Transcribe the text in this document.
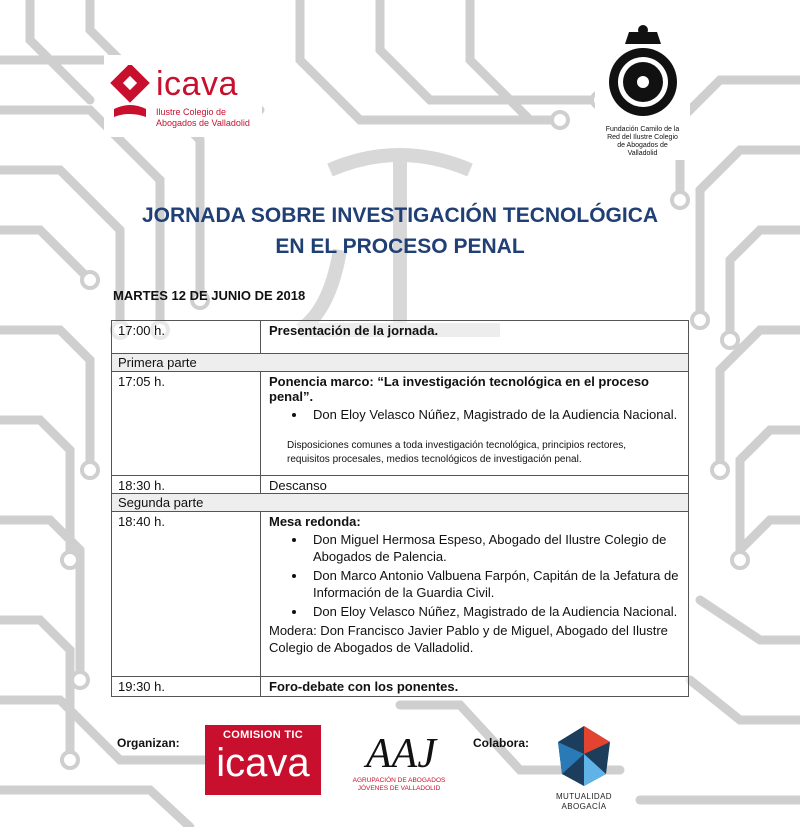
icava
Ilustre Colegio de
Abogados de Valladolid
Fundación Camilo de la
Red del Ilustre Colegio
de Abogados de
Valladolid
JORNADA SOBRE INVESTIGACIÓN TECNOLÓGICA
EN EL PROCESO PENAL
MARTES 12 DE JUNIO DE 2018
17:00 h.	Presentación de la jornada.
Primera parte
17:05 h.	Ponencia marco: “La investigación tecnológica en el proceso penal”.
• Don Eloy Velasco Núñez, Magistrado de la Audiencia Nacional.
Disposiciones comunes a toda investigación tecnológica, principios rectores,
requisitos procesales, medios tecnológicos de investigación penal.
18:30 h.	Descanso
Segunda parte
18:40 h.	Mesa redonda:
• Don Miguel Hermosa Espeso, Abogado del Ilustre Colegio de Abogados de Palencia.
• Don Marco Antonio Valbuena Farpón, Capitán de la Jefatura de Información de la Guardia Civil.
• Don Eloy Velasco Núñez, Magistrado de la Audiencia Nacional.
Modera: Don Francisco Javier Pablo y de Miguel, Abogado del Ilustre Colegio de Abogados de Valladolid.
19:30 h.	Foro-debate con los ponentes.
Organizan:
COMISION TIC
icava AAJ
AGRUPACIÓN DE ABOGADOS
JÓVENES DE VALLADOLID
Colabora:
MUTUALIDAD
ABOGACÍA
